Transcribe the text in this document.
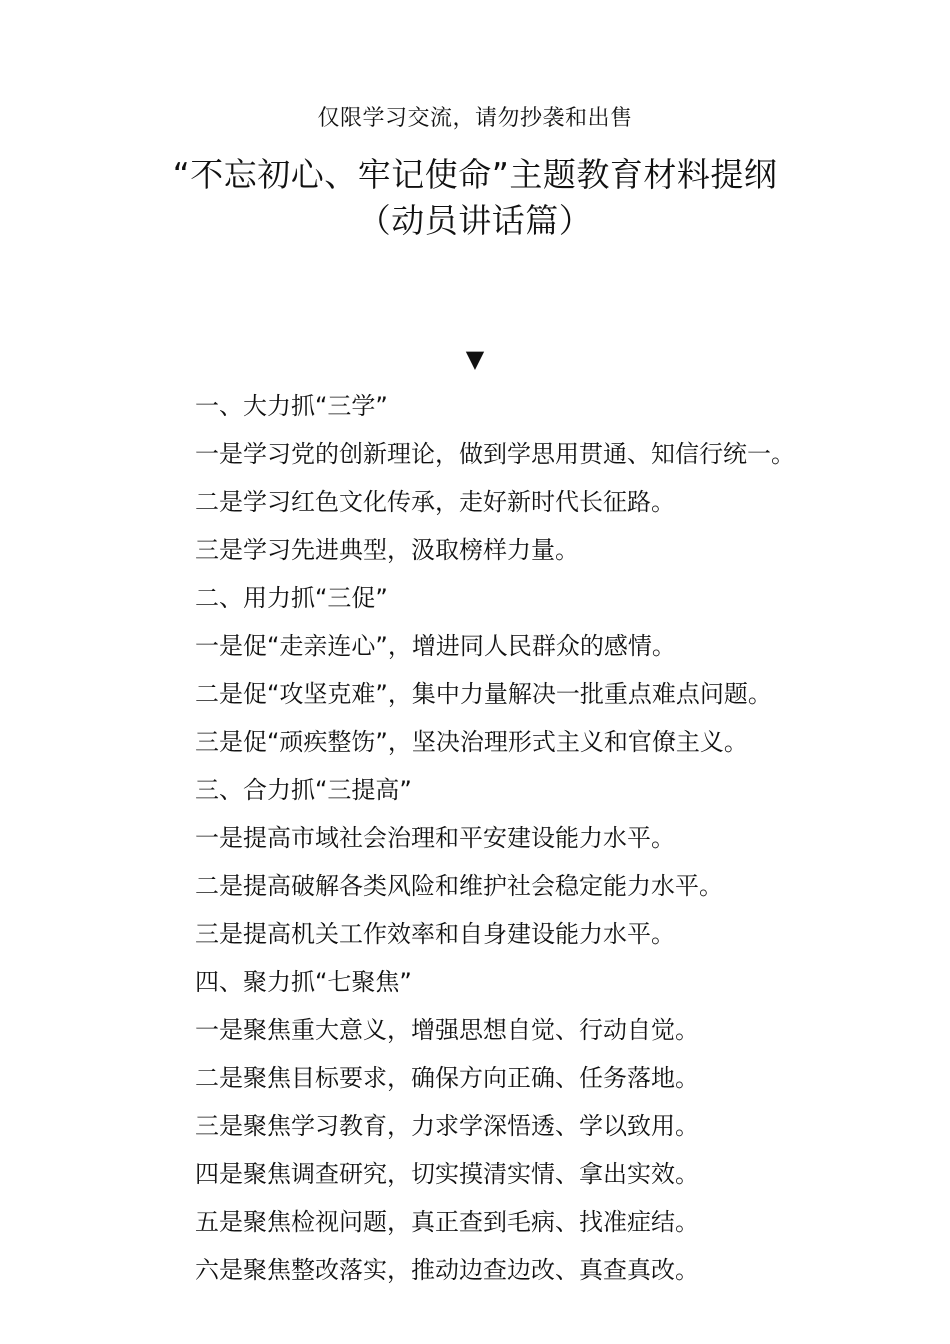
仅限学习交流，请勿抄袭和出售
“不忘初心、牢记使命”主题教育材料提纲
（动员讲话篇）
▼
一、大力抓“三学”
一是学习党的创新理论，做到学思用贯通、知信行统一。
二是学习红色文化传承，走好新时代长征路。
三是学习先进典型，汲取榜样力量。
二、用力抓“三促”
一是促“走亲连心”，增进同人民群众的感情。
二是促“攻坚克难”，集中力量解决一批重点难点问题。
三是促“顽疾整饬”，坚决治理形式主义和官僚主义。
三、合力抓“三提高”
一是提高市域社会治理和平安建设能力水平。
二是提高破解各类风险和维护社会稳定能力水平。
三是提高机关工作效率和自身建设能力水平。
四、聚力抓“七聚焦”
一是聚焦重大意义，增强思想自觉、行动自觉。
二是聚焦目标要求，确保方向正确、任务落地。
三是聚焦学习教育，力求学深悟透、学以致用。
四是聚焦调查研究，切实摸清实情、拿出实效。
五是聚焦检视问题，真正查到毛病、找准症结。
六是聚焦整改落实，推动边查边改、真查真改。
